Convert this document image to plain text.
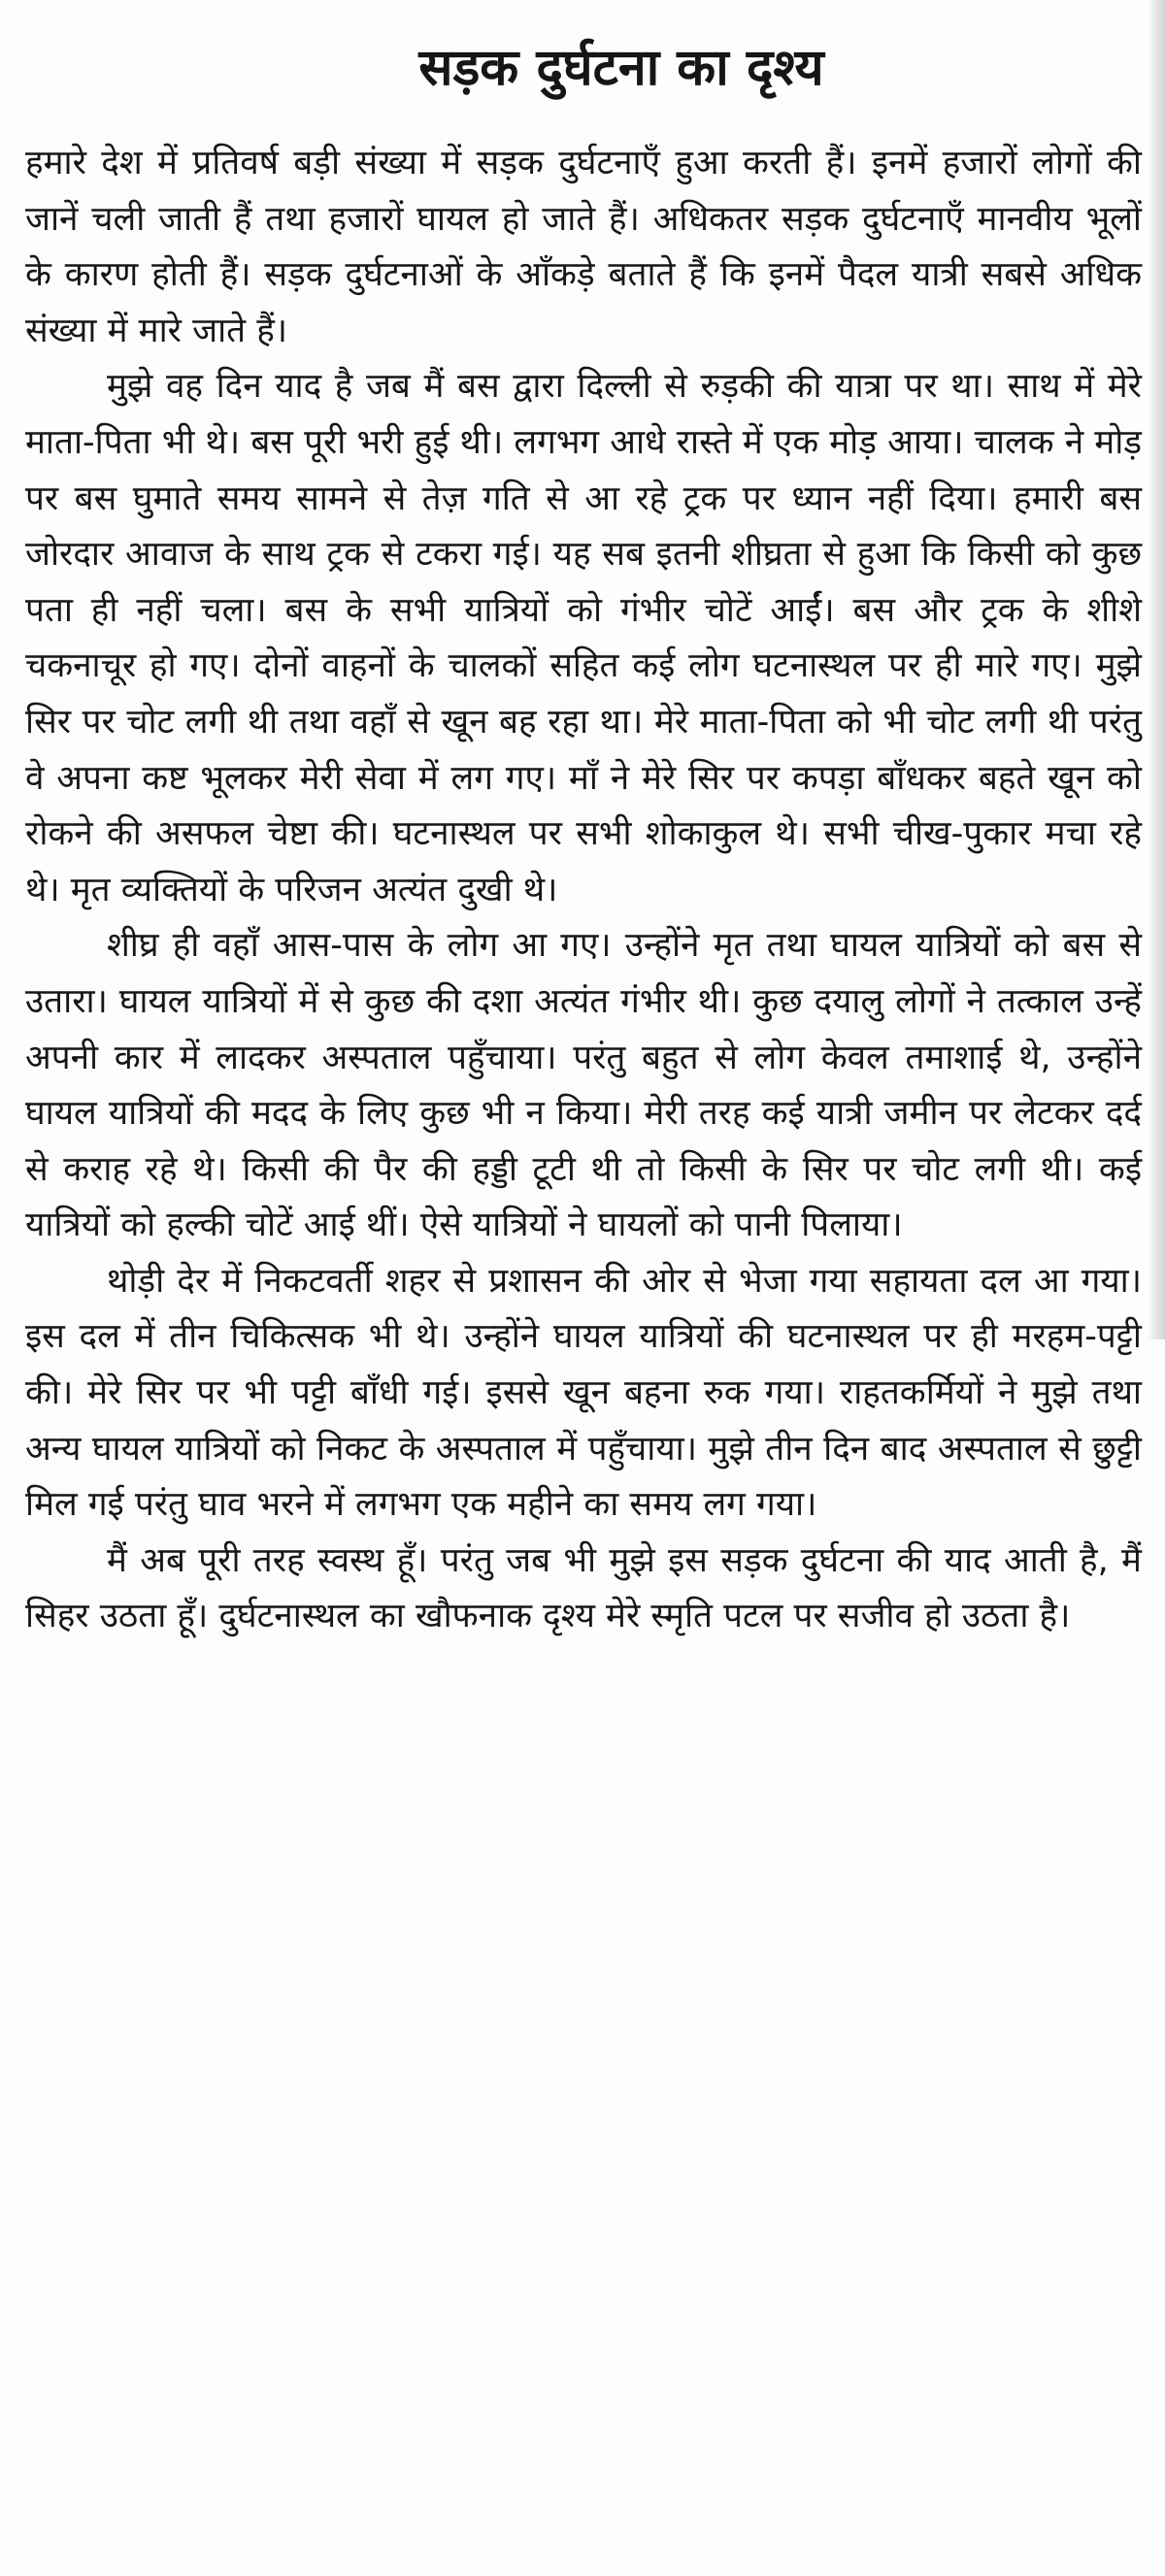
सड़क दुर्घटना का दृश्य

हमारे देश में प्रतिवर्ष बड़ी संख्या में सड़क दुर्घटनाएँ हुआ करती हैं। इनमें हजारों लोगों की जानें चली जाती हैं तथा हजारों घायल हो जाते हैं। अधिकतर सड़क दुर्घटनाएँ मानवीय भूलों के कारण होती हैं। सड़क दुर्घटनाओं के आँकड़े बताते हैं कि इनमें पैदल यात्री सबसे अधिक संख्या में मारे जाते हैं।

मुझे वह दिन याद है जब मैं बस द्वारा दिल्ली से रुड़की की यात्रा पर था। साथ में मेरे माता-पिता भी थे। बस पूरी भरी हुई थी। लगभग आधे रास्ते में एक मोड़ आया। चालक ने मोड़ पर बस घुमाते समय सामने से तेज़ गति से आ रहे ट्रक पर ध्यान नहीं दिया। हमारी बस जोरदार आवाज के साथ ट्रक से टकरा गई। यह सब इतनी शीघ्रता से हुआ कि किसी को कुछ पता ही नहीं चला। बस के सभी यात्रियों को गंभीर चोटें आईं। बस और ट्रक के शीशे चकनाचूर हो गए। दोनों वाहनों के चालकों सहित कई लोग घटनास्थल पर ही मारे गए। मुझे सिर पर चोट लगी थी तथा वहाँ से खून बह रहा था। मेरे माता-पिता को भी चोट लगी थी परंतु वे अपना कष्ट भूलकर मेरी सेवा में लग गए। माँ ने मेरे सिर पर कपड़ा बाँधकर बहते खून को रोकने की असफल चेष्टा की। घटनास्थल पर सभी शोकाकुल थे। सभी चीख-पुकार मचा रहे थे। मृत व्यक्तियों के परिजन अत्यंत दुखी थे।

शीघ्र ही वहाँ आस-पास के लोग आ गए। उन्होंने मृत तथा घायल यात्रियों को बस से उतारा। घायल यात्रियों में से कुछ की दशा अत्यंत गंभीर थी। कुछ दयालु लोगों ने तत्काल उन्हें अपनी कार में लादकर अस्पताल पहुँचाया। परंतु बहुत से लोग केवल तमाशाई थे, उन्होंने घायल यात्रियों की मदद के लिए कुछ भी न किया। मेरी तरह कई यात्री जमीन पर लेटकर दर्द से कराह रहे थे। किसी की पैर की हड्डी टूटी थी तो किसी के सिर पर चोट लगी थी। कई यात्रियों को हल्की चोटें आई थीं। ऐसे यात्रियों ने घायलों को पानी पिलाया।

थोड़ी देर में निकटवर्ती शहर से प्रशासन की ओर से भेजा गया सहायता दल आ गया। इस दल में तीन चिकित्सक भी थे। उन्होंने घायल यात्रियों की घटनास्थल पर ही मरहम-पट्टी की। मेरे सिर पर भी पट्टी बाँधी गई। इससे खून बहना रुक गया। राहतकर्मियों ने मुझे तथा अन्य घायल यात्रियों को निकट के अस्पताल में पहुँचाया। मुझे तीन दिन बाद अस्पताल से छुट्टी मिल गई परंतु घाव भरने में लगभग एक महीने का समय लग गया।

मैं अब पूरी तरह स्वस्थ हूँ। परंतु जब भी मुझे इस सड़क दुर्घटना की याद आती है, मैं सिहर उठता हूँ। दुर्घटनास्थल का खौफनाक दृश्य मेरे स्मृति पटल पर सजीव हो उठता है।
